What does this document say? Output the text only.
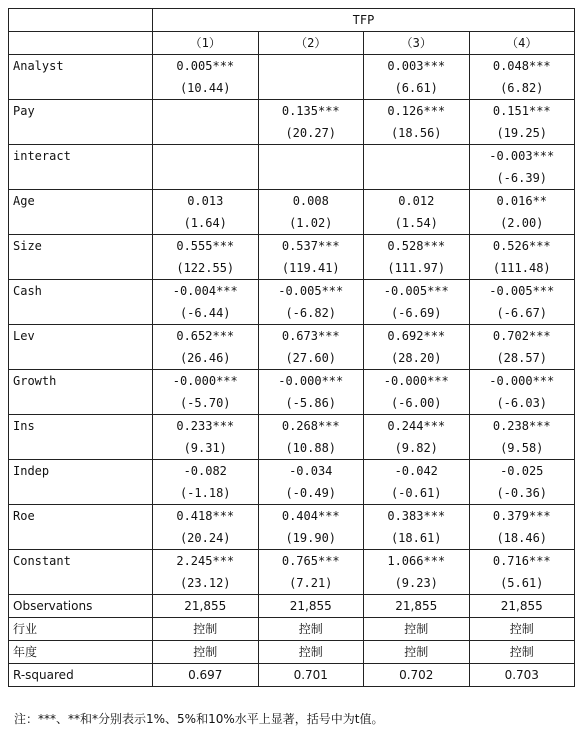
	TFP			
	（1）	（2）	（3）	（4）
Analyst	0.005***		0.003***	0.048***
	(10.44)		(6.61)	(6.82)
Pay		0.135***	0.126***	0.151***
		(20.27)	(18.56)	(19.25)
interact				-0.003***
				(-6.39)
Age	0.013	0.008	0.012	0.016**
	(1.64)	(1.02)	(1.54)	(2.00)
Size	0.555***	0.537***	0.528***	0.526***
	(122.55)	(119.41)	(111.97)	(111.48)
Cash	-0.004***	-0.005***	-0.005***	-0.005***
	(-6.44)	(-6.82)	(-6.69)	(-6.67)
Lev	0.652***	0.673***	0.692***	0.702***
	(26.46)	(27.60)	(28.20)	(28.57)
Growth	-0.000***	-0.000***	-0.000***	-0.000***
	(-5.70)	(-5.86)	(-6.00)	(-6.03)
Ins	0.233***	0.268***	0.244***	0.238***
	(9.31)	(10.88)	(9.82)	(9.58)
Indep	-0.082	-0.034	-0.042	-0.025
	(-1.18)	(-0.49)	(-0.61)	(-0.36)
Roe	0.418***	0.404***	0.383***	0.379***
	(20.24)	(19.90)	(18.61)	(18.46)
Constant	2.245***	0.765***	1.066***	0.716***
	(23.12)	(7.21)	(9.23)	(5.61)
Observations	21,855	21,855	21,855	21,855
行业	控制	控制	控制	控制
年度	控制	控制	控制	控制
R-squared	0.697	0.701	0.702	0.703
注：***、**和*分别表示1%、5%和10%水平上显著，括号中为t值。
